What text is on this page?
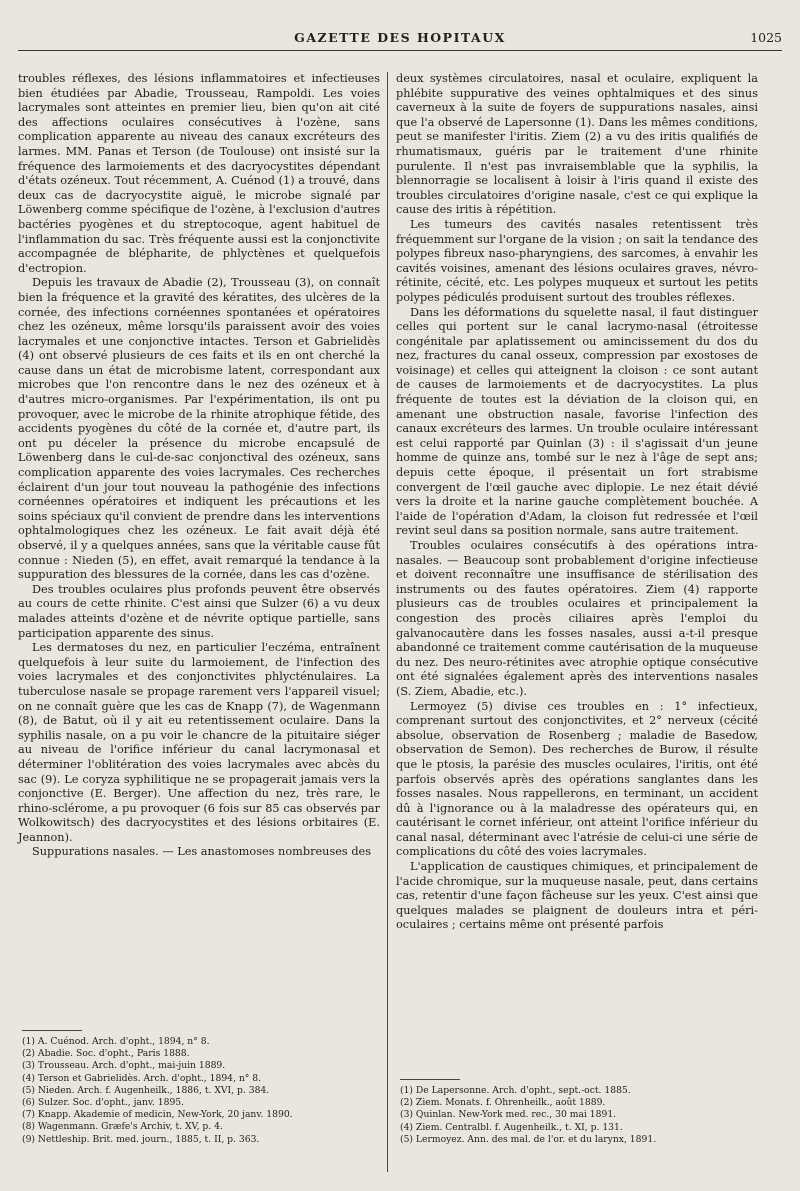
GAZETTE DES HOPITAUX	1025

troubles réflexes, des lésions inflammatoires et infectieuses bien étudiées par Abadie, Trousseau, Rampoldi. Les voies lacrymales sont atteintes en premier lieu, bien qu'on ait cité des affections oculaires consécutives à l'ozène, sans complication apparente au niveau des canaux excréteurs des larmes. MM. Panas et Terson (de Toulouse) ont insisté sur la fréquence des larmoiements et des dacryocystites dépendant d'états ozéneux. Tout récemment, A. Cuénod (1) a trouvé, dans deux cas de dacryocystite aiguë, le microbe signalé par Löwenberg comme spécifique de l'ozène, à l'exclusion d'autres bactéries pyogènes et du streptocoque, agent habituel de l'inflammation du sac. Très fréquente aussi est la conjonctivite accompagnée de blépharite, de phlyctènes et quelquefois d'ectropion.

Depuis les travaux de Abadie (2), Trousseau (3), on connaît bien la fréquence et la gravité des kératites, des ulcères de la cornée, des infections cornéennes spontanées et opératoires chez les ozéneux, même lorsqu'ils paraissent avoir des voies lacrymales et une conjonctive intactes. Terson et Gabrielidès (4) ont observé plusieurs de ces faits et ils en ont cherché la cause dans un état de microbisme latent, correspondant aux microbes que l'on rencontre dans le nez des ozéneux et à d'autres micro-organismes. Par l'expérimentation, ils ont pu provoquer, avec le microbe de la rhinite atrophique fétide, des accidents pyogènes du côté de la cornée et, d'autre part, ils ont pu déceler la présence du microbe encapsulé de Löwenberg dans le cul-de-sac conjonctival des ozéneux, sans complication apparente des voies lacrymales. Ces recherches éclairent d'un jour tout nouveau la pathogénie des infections cornéennes opératoires et indiquent les précautions et les soins spéciaux qu'il convient de prendre dans les interventions ophtalmologiques chez les ozéneux. Le fait avait déjà été observé, il y a quelques années, sans que la véritable cause fût connue : Nieden (5), en effet, avait remarqué la tendance à la suppuration des blessures de la cornée, dans les cas d'ozène.

Des troubles oculaires plus profonds peuvent être observés au cours de cette rhinite. C'est ainsi que Sulzer (6) a vu deux malades atteints d'ozène et de névrite optique partielle, sans participation apparente des sinus.

Les dermatoses du nez, en particulier l'eczéma, entraînent quelquefois à leur suite du larmoiement, de l'infection des voies lacrymales et des conjonctivites phlycténulaires. La tuberculose nasale se propage rarement vers l'appareil visuel; on ne connaît guère que les cas de Knapp (7), de Wagenmann (8), de Batut, où il y ait eu retentissement oculaire. Dans la syphilis nasale, on a pu voir le chancre de la pituitaire siéger au niveau de l'orifice inférieur du canal lacrymonasal et déterminer l'oblitération des voies lacrymales avec abcès du sac (9). Le coryza syphilitique ne se propagerait jamais vers la conjonctive (E. Berger). Une affection du nez, très rare, le rhino-sclérome, a pu provoquer (6 fois sur 85 cas observés par Wolkowitsch) des dacryocystites et des lésions orbitaires (E. Jeannon).

Suppurations nasales. — Les anastomoses nombreuses des

deux systèmes circulatoires, nasal et oculaire, expliquent la phlébite suppurative des veines ophtalmiques et des sinus caverneux à la suite de foyers de suppurations nasales, ainsi que l'a observé de Lapersonne (1). Dans les mêmes conditions, peut se manifester l'iritis. Ziem (2) a vu des iritis qualifiés de rhumatismaux, guéris par le traitement d'une rhinite purulente. Il n'est pas invraisemblable que la syphilis, la blennorragie se localisent à loisir à l'iris quand il existe des troubles circulatoires d'origine nasale, c'est ce qui explique la cause des iritis à répétition.

Les tumeurs des cavités nasales retentissent très fréquemment sur l'organe de la vision ; on sait la tendance des polypes fibreux naso-pharyngiens, des sarcomes, à envahir les cavités voisines, amenant des lésions oculaires graves, névro-rétinite, cécité, etc. Les polypes muqueux et surtout les petits polypes pédiculés produisent surtout des troubles réflexes.

Dans les déformations du squelette nasal, il faut distinguer celles qui portent sur le canal lacrymo-nasal (étroitesse congénitale par aplatissement ou amincissement du dos du nez, fractures du canal osseux, compression par exostoses de voisinage) et celles qui atteignent la cloison : ce sont autant de causes de larmoiements et de dacryocystites. La plus fréquente de toutes est la déviation de la cloison qui, en amenant une obstruction nasale, favorise l'infection des canaux excréteurs des larmes. Un trouble oculaire intéressant est celui rapporté par Quinlan (3) : il s'agissait d'un jeune homme de quinze ans, tombé sur le nez à l'âge de sept ans; depuis cette époque, il présentait un fort strabisme convergent de l'œil gauche avec diplopie. Le nez était dévié vers la droite et la narine gauche complètement bouchée. A l'aide de l'opération d'Adam, la cloison fut redressée et l'œil revint seul dans sa position normale, sans autre traitement.

Troubles oculaires consécutifs à des opérations intra-nasales. — Beaucoup sont probablement d'origine infectieuse et doivent reconnaître une insuffisance de stérilisation des instruments ou des fautes opératoires. Ziem (4) rapporte plusieurs cas de troubles oculaires et principalement la congestion des procès ciliaires après l'emploi du galvanocautère dans les fosses nasales, aussi a-t-il presque abandonné ce traitement comme cautérisation de la muqueuse du nez. Des neuro-rétinites avec atrophie optique consécutive ont été signalées également après des interventions nasales (S. Ziem, Abadie, etc.).

Lermoyez (5) divise ces troubles en : 1° infectieux, comprenant surtout des conjonctivites, et 2° nerveux (cécité absolue, observation de Rosenberg ; maladie de Basedow, observation de Semon). Des recherches de Burow, il résulte que le ptosis, la parésie des muscles oculaires, l'iritis, ont été parfois observés après des opérations sanglantes dans les fosses nasales. Nous rappellerons, en terminant, un accident dû à l'ignorance ou à la maladresse des opérateurs qui, en cautérisant le cornet inférieur, ont atteint l'orifice inférieur du canal nasal, déterminant avec l'atrésie de celui-ci une série de complications du côté des voies lacrymales.

L'application de caustiques chimiques, et principalement de l'acide chromique, sur la muqueuse nasale, peut, dans certains cas, retentir d'une façon fâcheuse sur les yeux. C'est ainsi que quelques malades se plaignent de douleurs intra et péri-oculaires ; certains même ont présenté parfois

(1) A. Cuénod. Arch. d'opht., 1894, n° 8.
(2) Abadie. Soc. d'opht., Paris 1888.
(3) Trousseau. Arch. d'opht., mai-juin 1889.
(4) Terson et Gabrielidès. Arch. d'opht., 1894, n° 8.
(5) Nieden. Arch. f. Augenheilk., 1886, t. XVI, p. 384.
(6) Sulzer. Soc. d'opht., janv. 1895.
(7) Knapp. Akademie of medicin, New-York, 20 janv. 1890.
(8) Wagenmann. Græfe's Archiv, t. XV, p. 4.
(9) Nettleship. Brit. med. journ., 1885, t. II, p. 363.
(1) De Lapersonne. Arch. d'opht., sept.-oct. 1885.
(2) Ziem. Monats. f. Ohrenheilk., août 1889.
(3) Quinlan. New-York med. rec., 30 mai 1891.
(4) Ziem. Centralbl. f. Augenheilk., t. XI, p. 131.
(5) Lermoyez. Ann. des mal. de l'or. et du larynx, 1891.
